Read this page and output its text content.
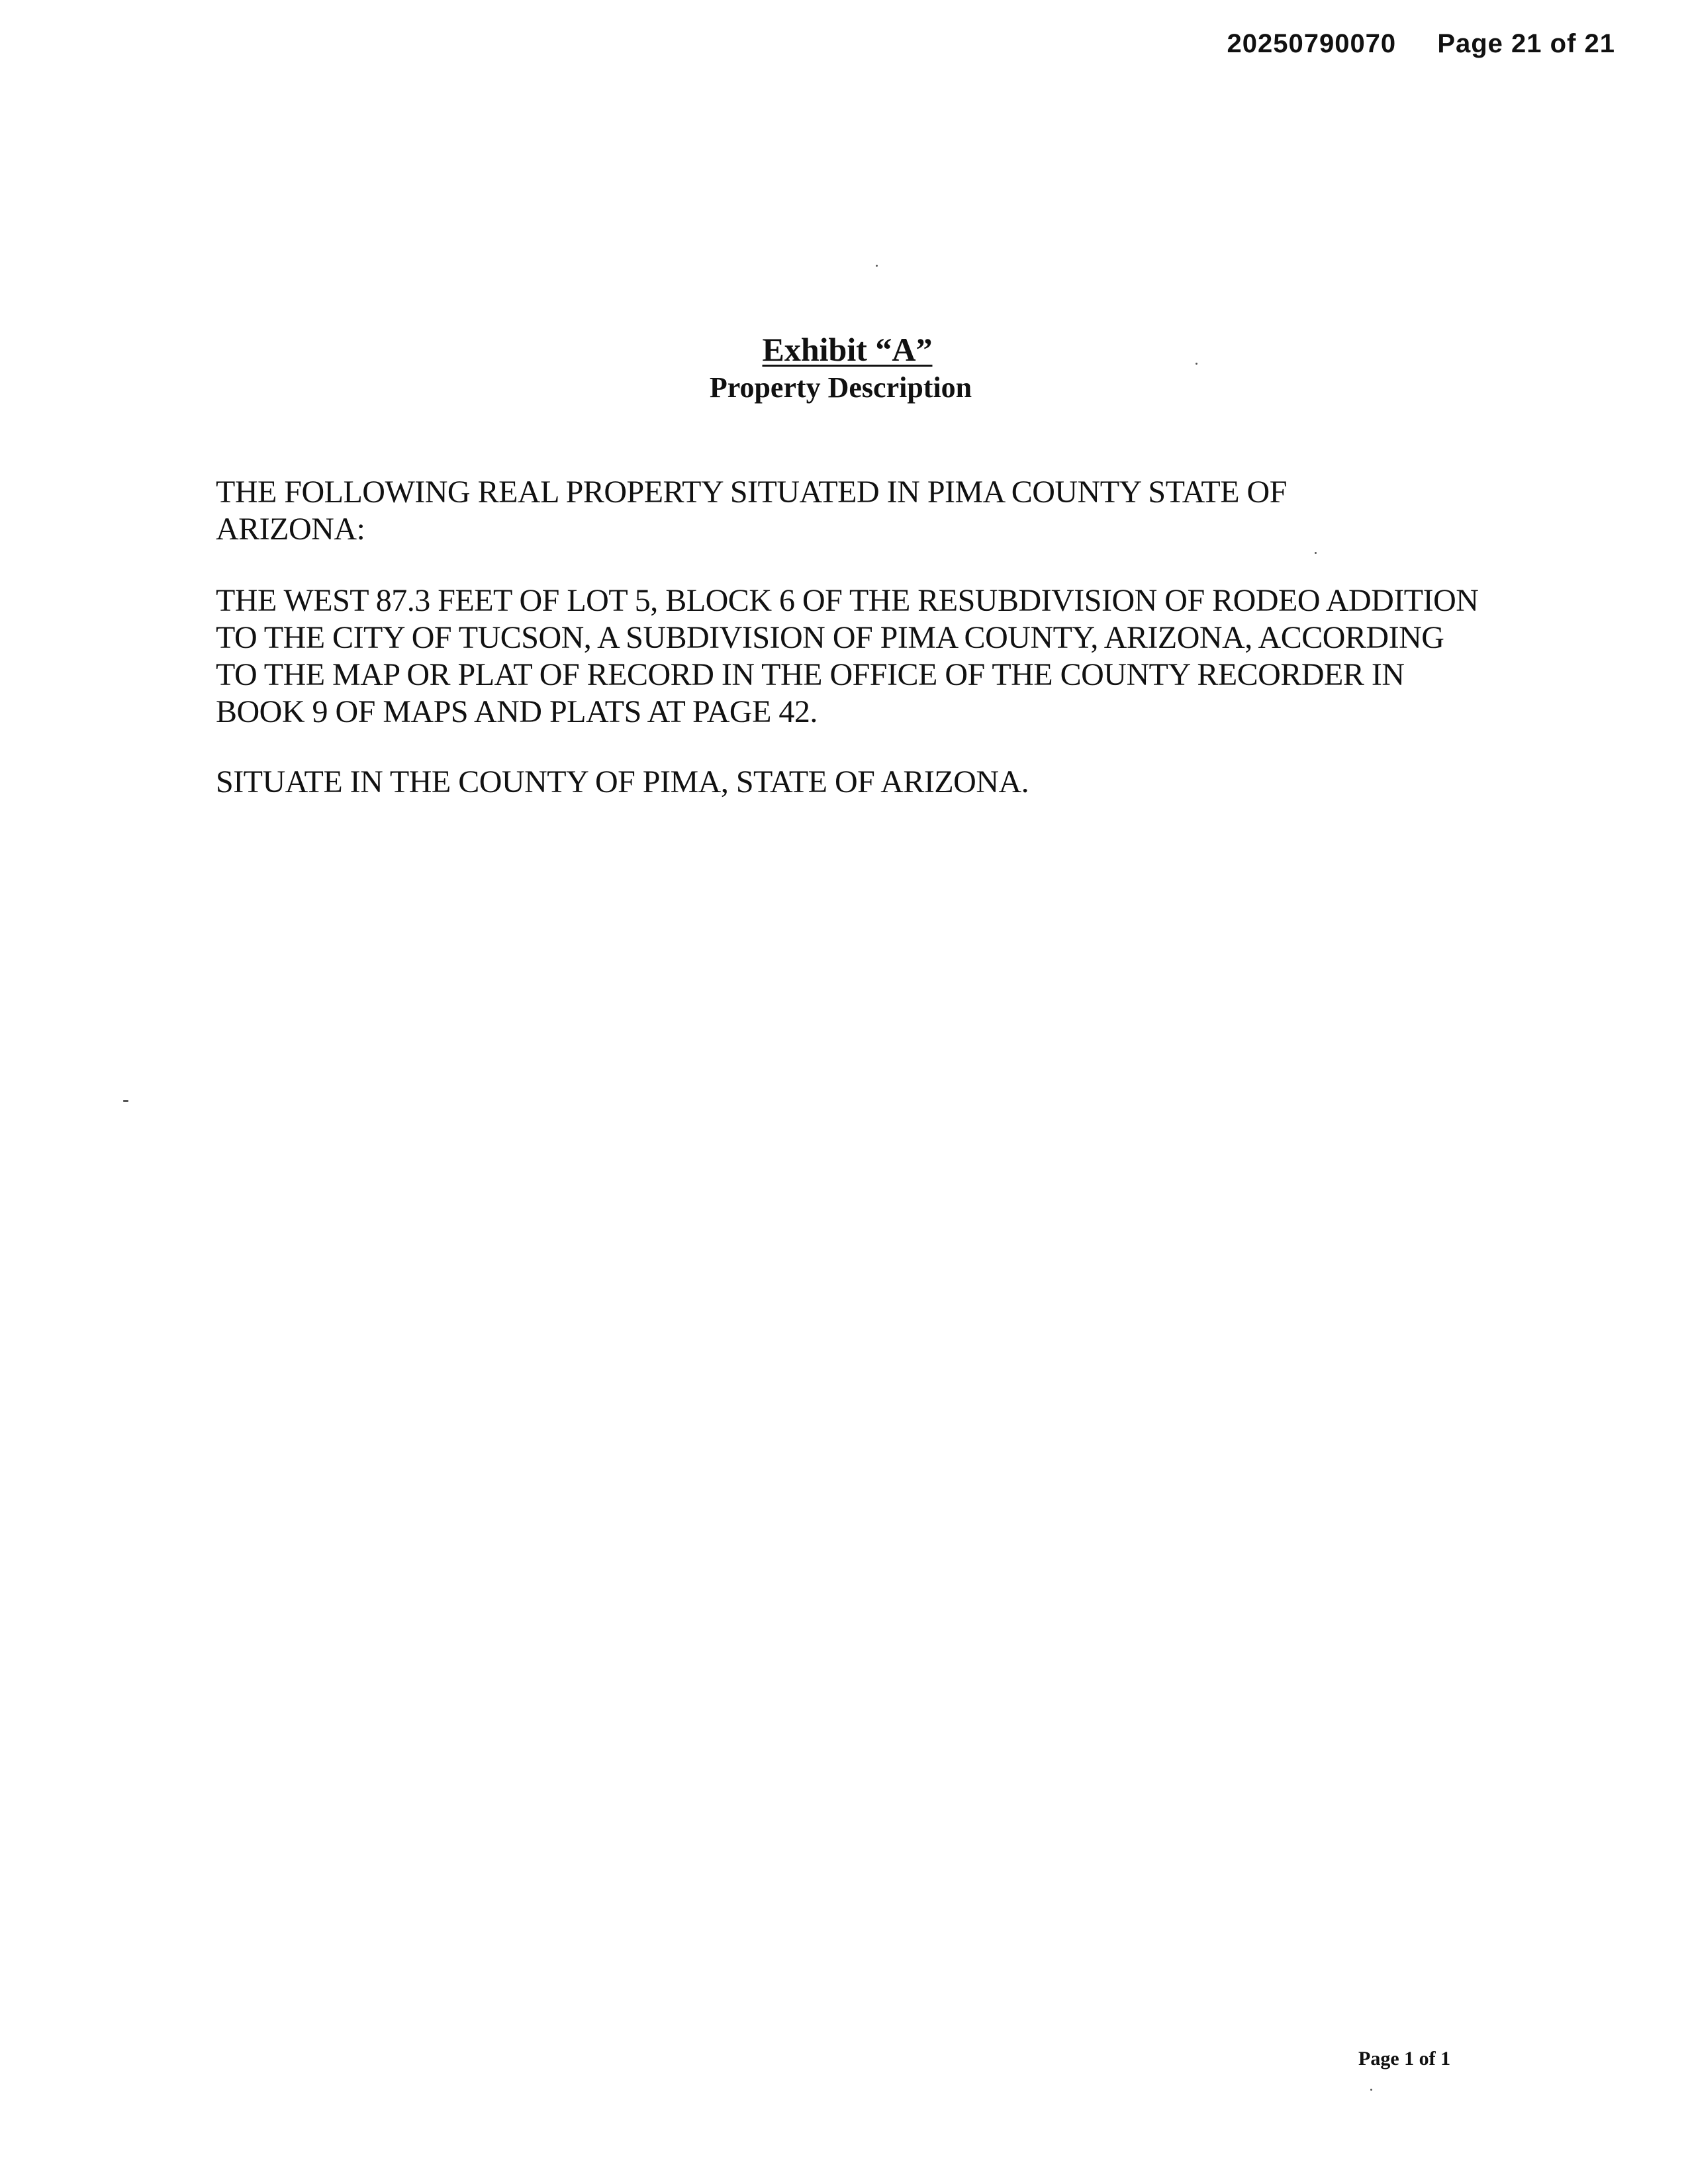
20250790070 Page 21 of 21
Exhibit “A”
Property Description
THE FOLLOWING REAL PROPERTY SITUATED IN PIMA COUNTY STATE OF ARIZONA:
THE WEST 87.3 FEET OF LOT 5, BLOCK 6 OF THE RESUBDIVISION OF RODEO ADDITION TO THE CITY OF TUCSON, A SUBDIVISION OF PIMA COUNTY, ARIZONA, ACCORDING TO THE MAP OR PLAT OF RECORD IN THE OFFICE OF THE COUNTY RECORDER IN BOOK 9 OF MAPS AND PLATS AT PAGE 42.
SITUATE IN THE COUNTY OF PIMA, STATE OF ARIZONA.
Page 1 of 1
